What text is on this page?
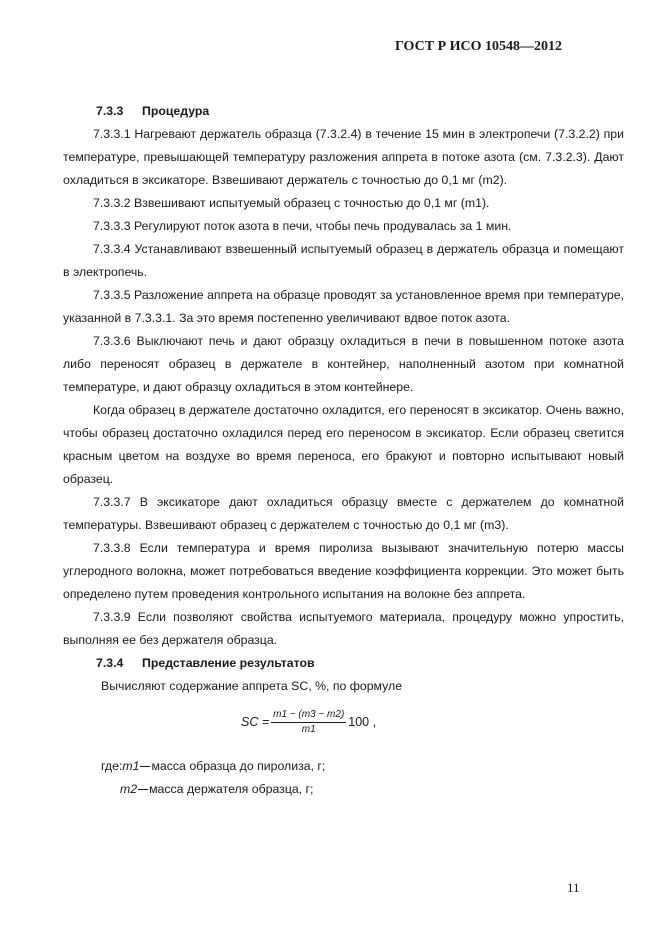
ГОСТ Р ИСО 10548—2012

7.3.3 Процедура

7.3.3.1 Нагревают держатель образца (7.3.2.4) в течение 15 мин в электропечи (7.3.2.2) при температуре, превышающей температуру разложения аппрета в потоке азота (см. 7.3.2.3). Дают охладиться в эксикаторе. Взвешивают держатель с точностью до 0,1 мг (m2).

7.3.3.2 Взвешивают испытуемый образец с точностью до 0,1 мг (m1).

7.3.3.3 Регулируют поток азота в печи, чтобы печь продувалась за 1 мин.

7.3.3.4 Устанавливают взвешенный испытуемый образец в держатель образца и помещают в электропечь.

7.3.3.5 Разложение аппрета на образце проводят за установленное время при температуре, указанной в 7.3.3.1. За это время постепенно увеличивают вдвое поток азота.

7.3.3.6 Выключают печь и дают образцу охладиться в печи в повышенном потоке азота либо переносят образец в держателе в контейнер, наполненный азотом при комнатной температуре, и дают образцу охладиться в этом контейнере.

Когда образец в держателе достаточно охладится, его переносят в эксикатор. Очень важно, чтобы образец достаточно охладился перед его переносом в эксикатор. Если образец светится красным цветом на воздухе во время переноса, его бракуют и повторно испытывают новый образец.

7.3.3.7 В эксикаторе дают охладиться образцу вместе с держателем до комнатной температуры. Взвешивают образец с держателем с точностью до 0,1 мг (m3).

7.3.3.8 Если температура и время пиролиза вызывают значительную потерю массы углеродного волокна, может потребоваться введение коэффициента коррекции. Это может быть определено путем проведения контрольного испытания на волокне без аппрета.

7.3.3.9 Если позволяют свойства испытуемого материала, процедуру можно упростить, выполняя ее без держателя образца.

7.3.4 Представление результатов

Вычисляют содержание аппрета SC, %, по формуле

SC = $\frac{m1 - (m3 - m2)}{m1} 100$ ,

где:m1 масса образца до пиролиза, г;

m2 масса держателя образца, г;

11
